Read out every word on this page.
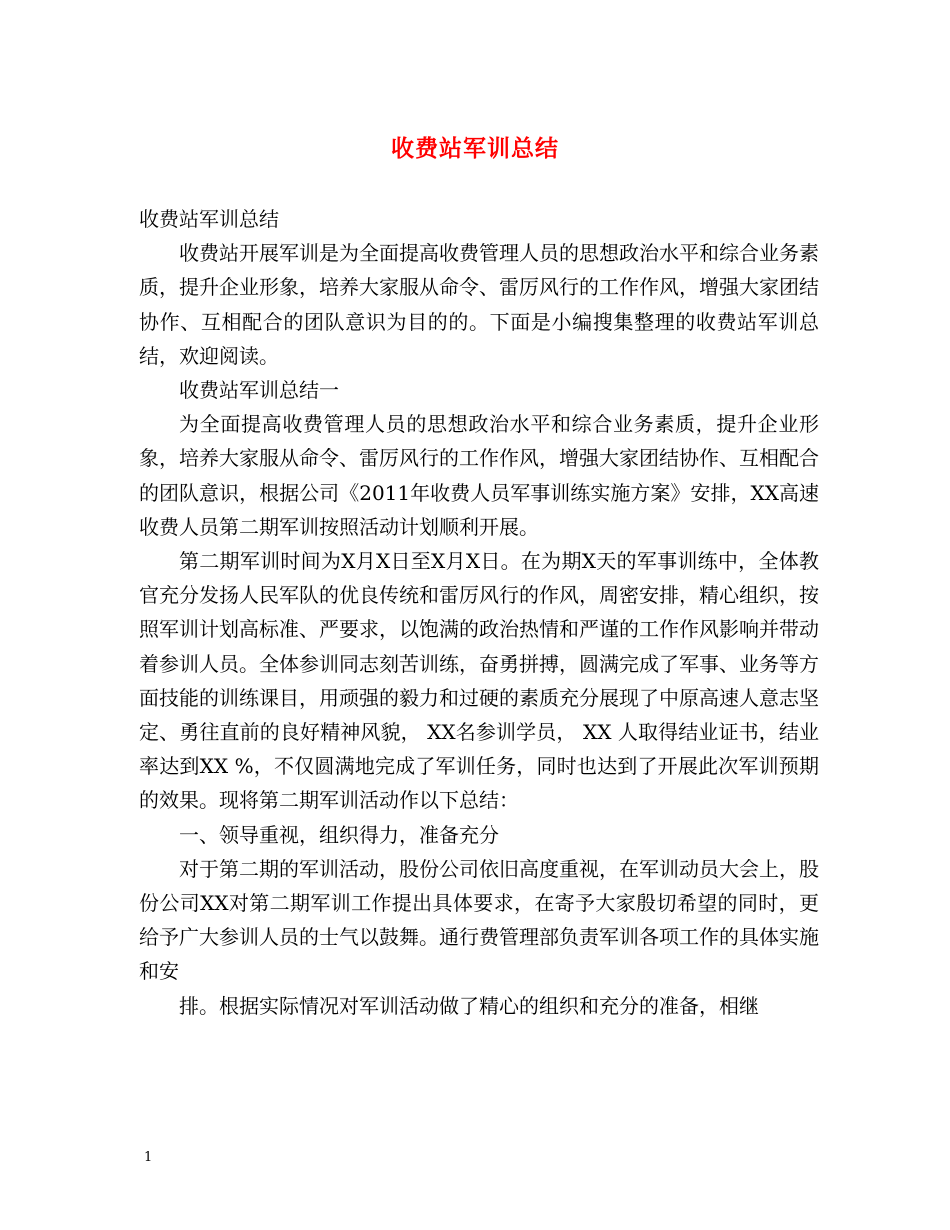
收费站军训总结

收费站军训总结

收费站开展军训是为全面提高收费管理人员的思想政治水平和综合业务素质，提升企业形象，培养大家服从命令、雷厉风行的工作作风，增强大家团结协作、互相配合的团队意识为目的的。下面是小编搜集整理的收费站军训总结，欢迎阅读。

收费站军训总结一

为全面提高收费管理人员的思想政治水平和综合业务素质，提升企业形象，培养大家服从命令、雷厉风行的工作作风，增强大家团结协作、互相配合的团队意识，根据公司《2011年收费人员军事训练实施方案》安排，XX高速收费人员第二期军训按照活动计划顺利开展。

第二期军训时间为X月X日至X月X日。在为期X天的军事训练中，全体教官充分发扬人民军队的优良传统和雷厉风行的作风，周密安排，精心组织，按照军训计划高标准、严要求，以饱满的政治热情和严谨的工作作风影响并带动着参训人员。全体参训同志刻苦训练，奋勇拼搏，圆满完成了军事、业务等方面技能的训练课目，用顽强的毅力和过硬的素质充分展现了中原高速人意志坚定、勇往直前的良好精神风貌， XX名参训学员， XX 人取得结业证书，结业率达到XX %，不仅圆满地完成了军训任务，同时也达到了开展此次军训预期的效果。现将第二期军训活动作以下总结：

一、领导重视，组织得力，准备充分

对于第二期的军训活动，股份公司依旧高度重视，在军训动员大会上，股份公司XX对第二期军训工作提出具体要求，在寄予大家殷切希望的同时，更给予广大参训人员的士气以鼓舞。通行费管理部负责军训各项工作的具体实施和安

排。根据实际情况对军训活动做了精心的组织和充分的准备，相继

1
